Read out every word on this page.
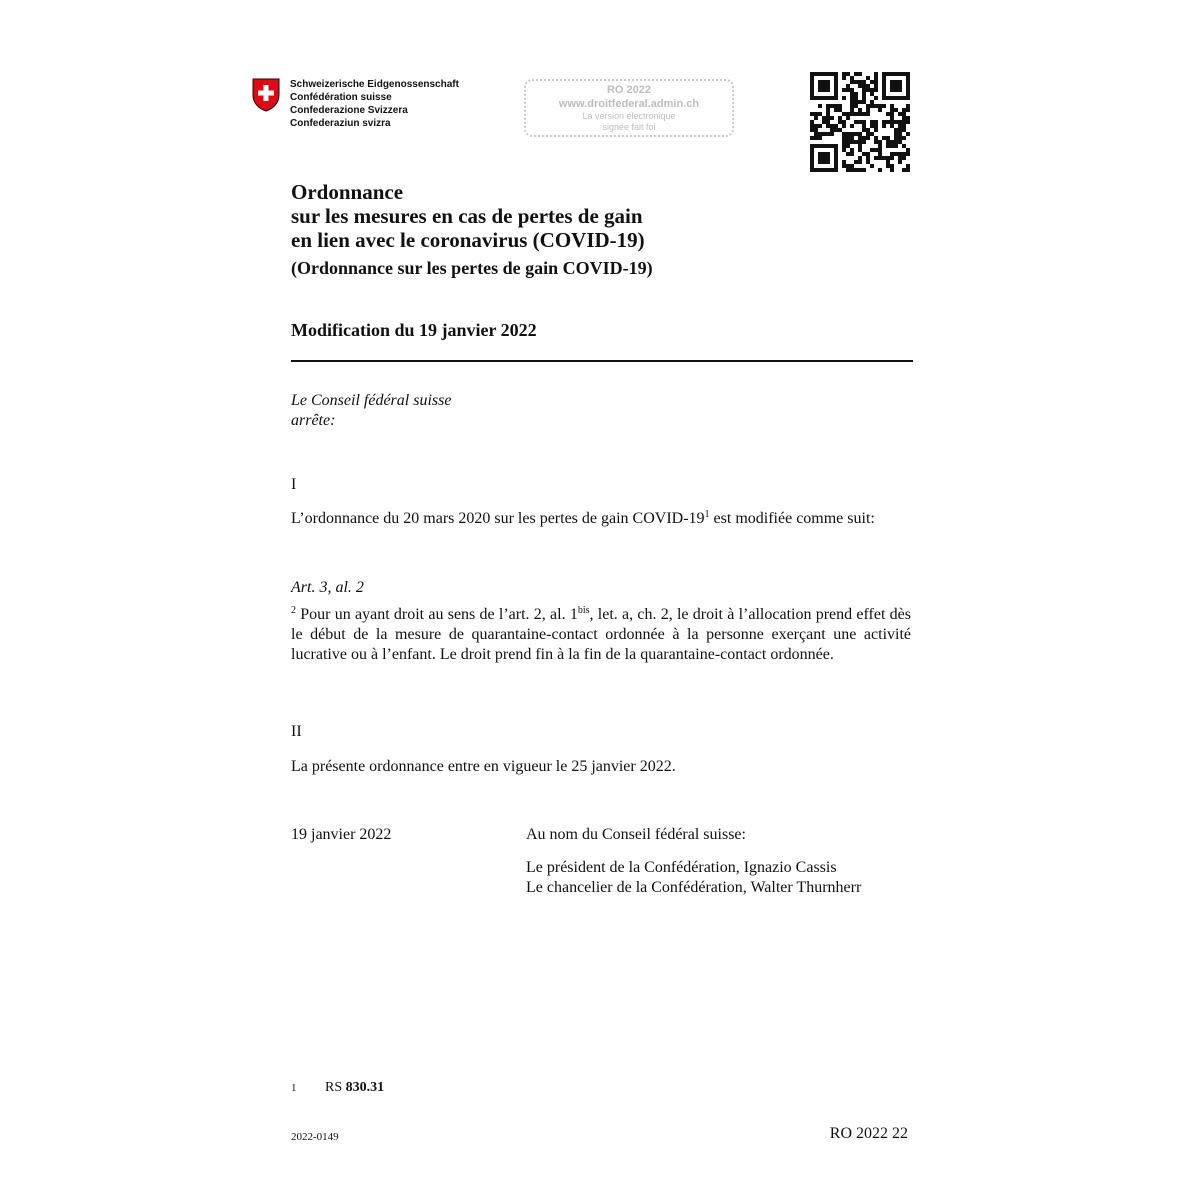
Schweizerische Eidgenossenschaft
Confédération suisse
Confederazione Svizzera
Confederaziun svizra
RO 2022
www.droitfederal.admin.ch
La version électronique
signée fait foi
Ordonnance
sur les mesures en cas de pertes de gain
en lien avec le coronavirus (COVID-19)
(Ordonnance sur les pertes de gain COVID-19)
Modification du 19 janvier 2022
Le Conseil fédéral suisse
arrête:
I
L’ordonnance du 20 mars 2020 sur les pertes de gain COVID-$19^1$ est modifiée comme suit:
Art. 3, al. 2
$^2$ Pour un ayant droit au sens de l’art. 2, al. $1^{bis}$, let. a, ch. 2, le droit à l’allocation prend effet dès le début de la mesure de quarantaine-contact ordonnée à la personne exerçant une activité lucrative ou à l’enfant. Le droit prend fin à la fin de la quarantaine-contact ordonnée.
II
La présente ordonnance entre en vigueur le 25 janvier 2022.
19 janvier 2022	Au nom du Conseil fédéral suisse:
Le président de la Confédération, Ignazio Cassis
Le chancelier de la Confédération, Walter Thurnherr
1 RS 830.31
2022-0149	RO 2022 22
